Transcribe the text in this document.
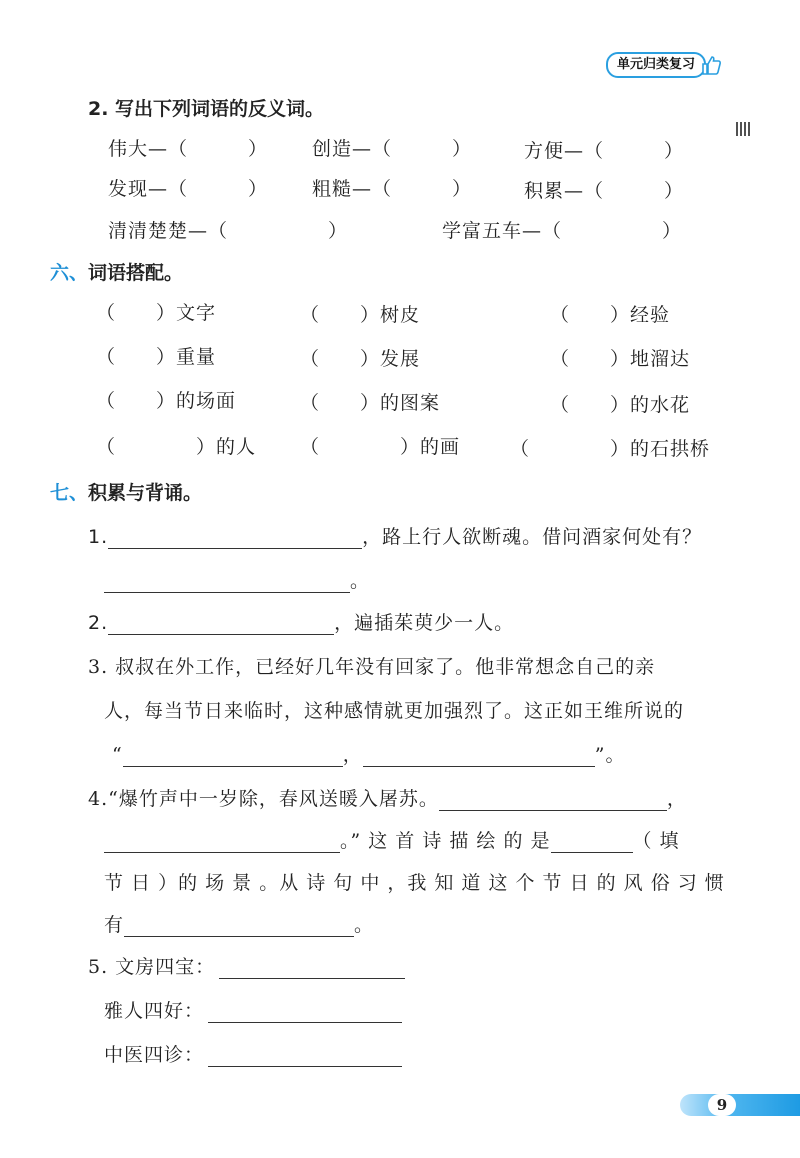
单元归类复习
2. 写出下列词语的反义词。
伟大—（　　　） 创造—（　　　）	方便—（　　　）
发现—（　　　） 粗糙—（　　　）	积累—（　　　）
清清楚楚—（　　　　　）	学富五车—（　　　　　）
六、词语搭配。
（　　）文字	（　　）树皮	（　　）经验
（　　）重量	（　　）发展	（　　）地溜达
（　　）的场面	（　　）的图案	（　　）的水花
（　　　　）的人 （　　　　）的画	（　　　　）的石拱桥
七、积累与背诵。
1.	，路上行人欲断魂。借问酒家何处有？
。
2.	，遍插茱萸少一人。
3. 叔叔在外工作，已经好几年没有回家了。他非常想念自己的亲
人，每当节日来临时，这种感情就更加强烈了。这正如王维所说的
“	，	”。
4.“爆竹声中一岁除，春风送暖入屠苏。	，
。” 这 首 诗 描 绘 的 是	（ 填
节 日 ）的 场 景 。从 诗 句 中 ，我 知 道 这 个 节 日 的 风 俗 习 惯
有	。
5. 文房四宝：
雅人四好：
中医四诊：
9
